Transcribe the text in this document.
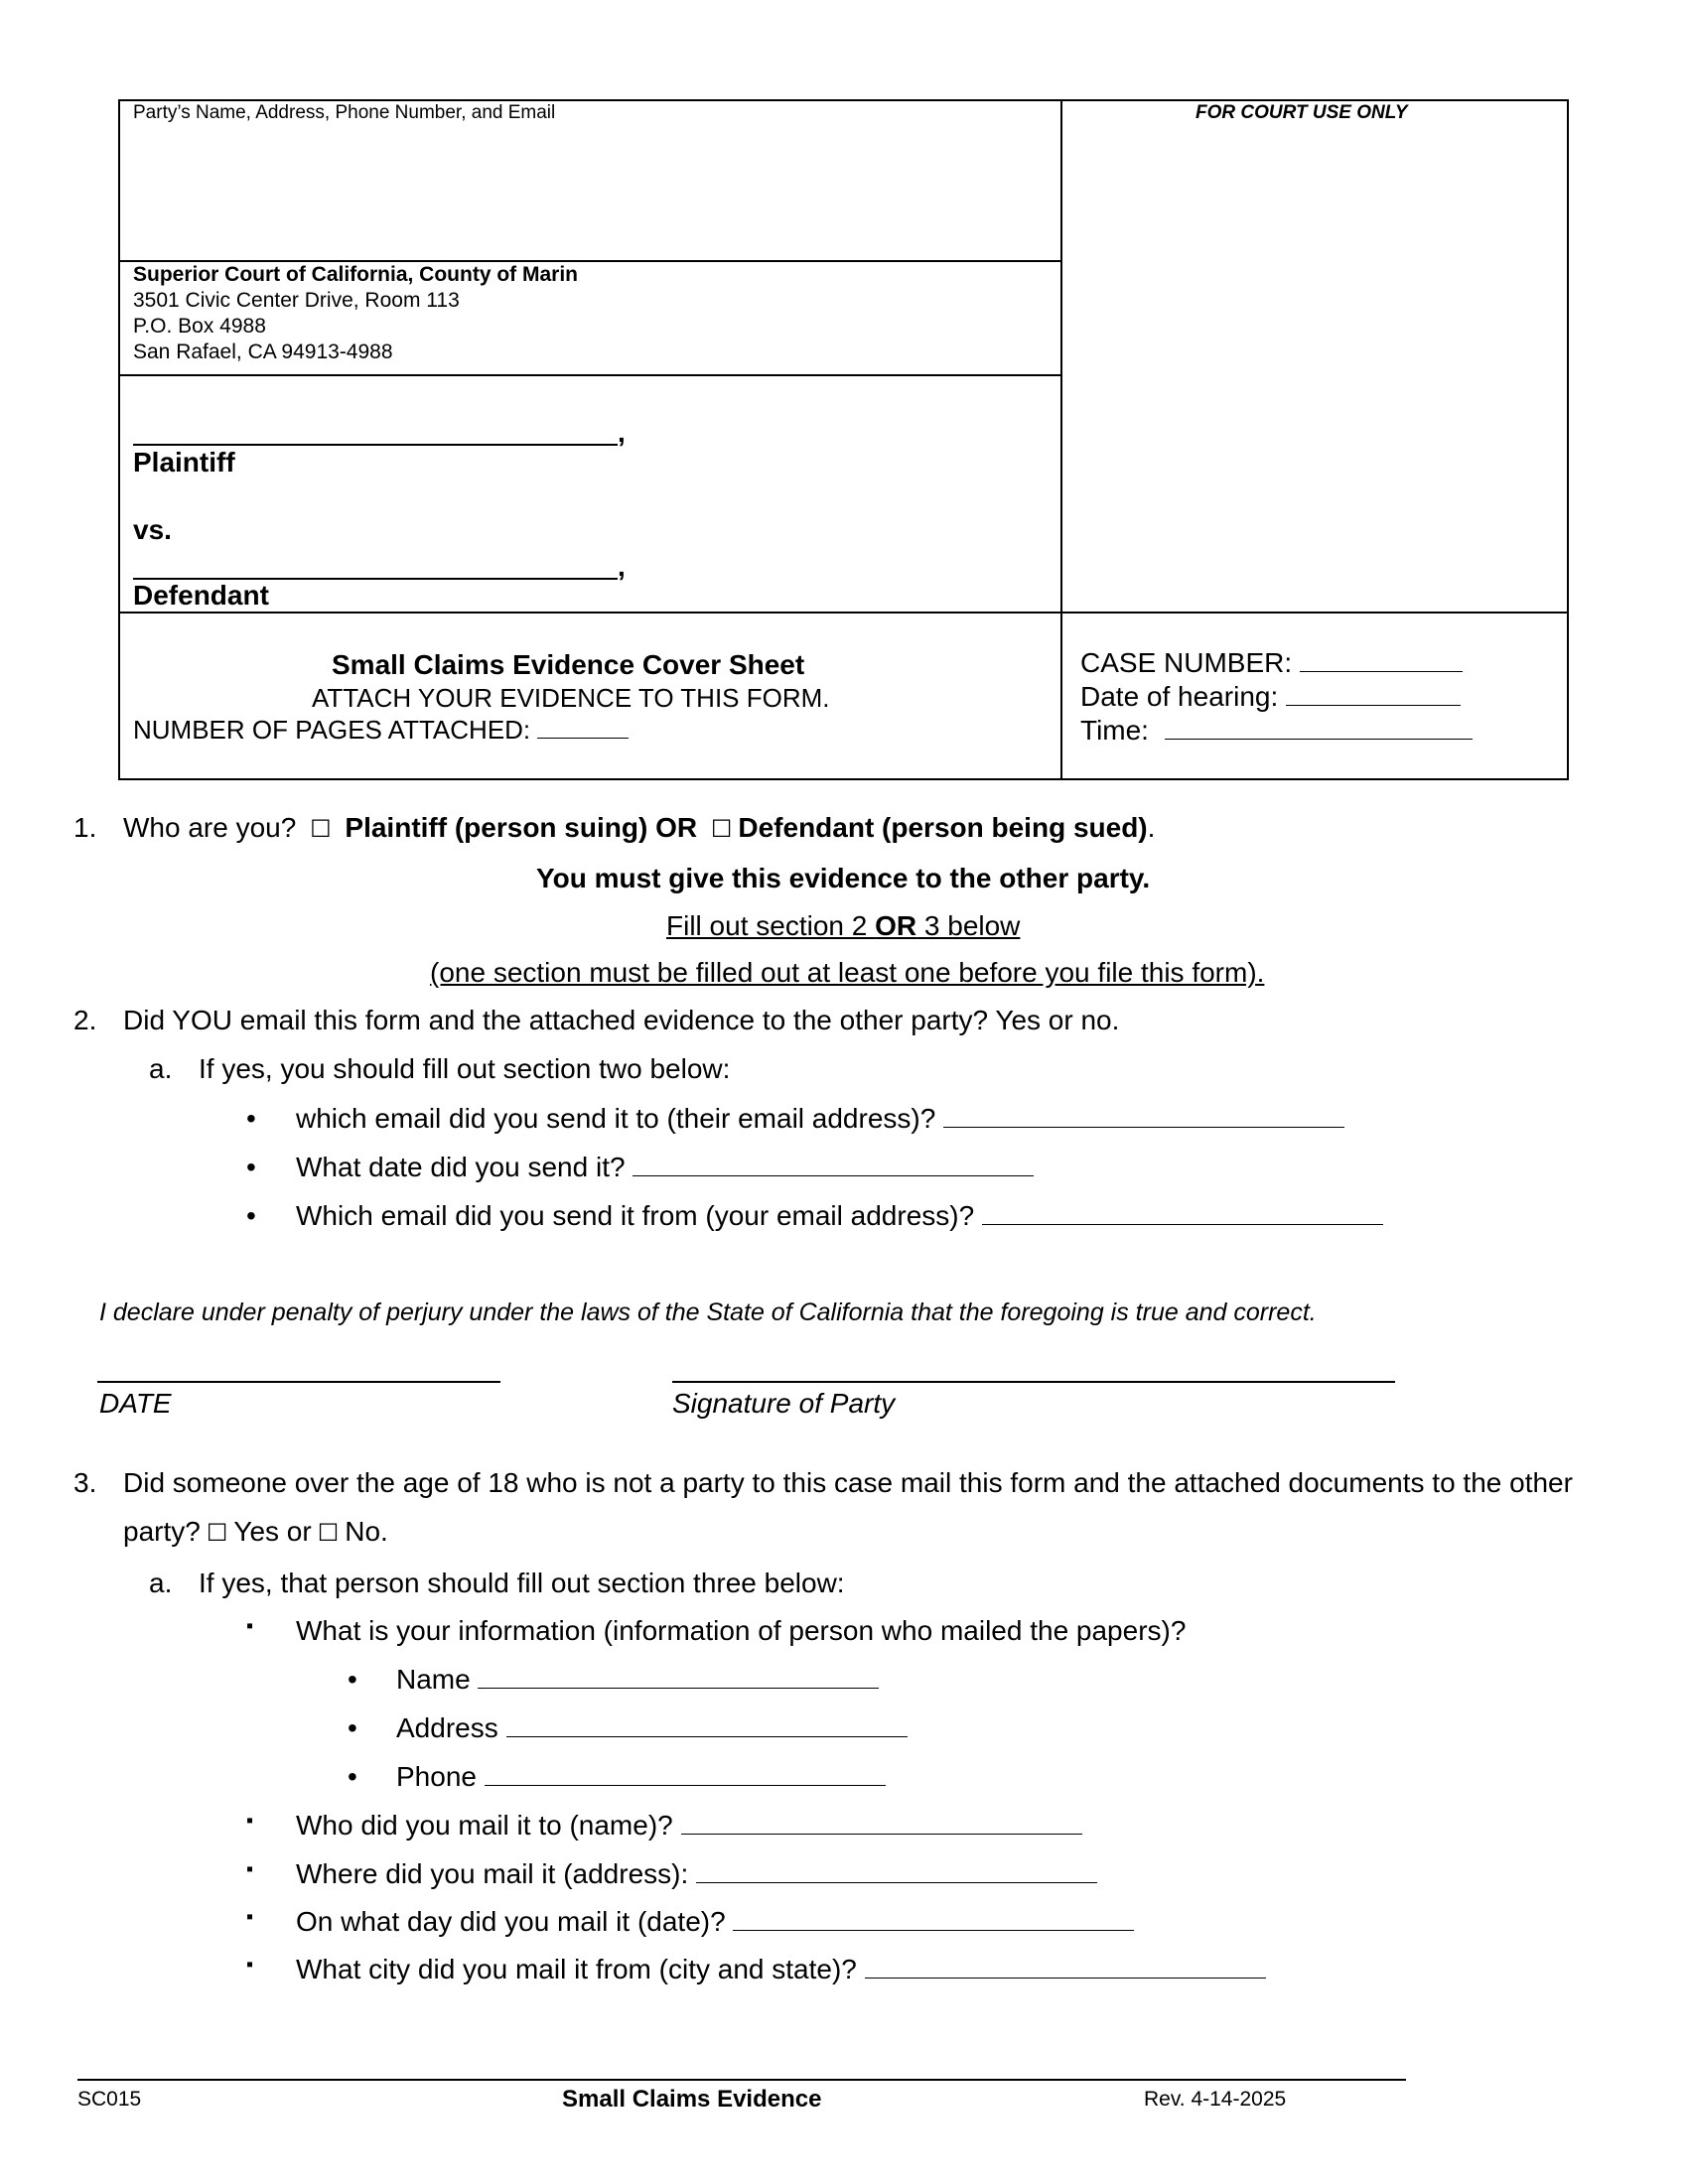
Party’s Name, Address, Phone Number, and Email	FOR COURT USE ONLY
Superior Court of California, County of Marin
3501 Civic Center Drive, Room 113
P.O. Box 4988
San Rafael, CA 94913-4988
,
Plaintiff
vs.
,
Defendant
Small Claims Evidence Cover Sheet
ATTACH YOUR EVIDENCE TO THIS FORM.
NUMBER OF PAGES ATTACHED:
CASE NUMBER:
Date of hearing:
Time:
1. Who are you? ☐ Plaintiff (person suing) OR ☐ Defendant (person being sued).
You must give this evidence to the other party.
Fill out section 2 OR 3 below
(one section must be filled out at least one before you file this form).
2. Did YOU email this form and the attached evidence to the other party? Yes or no.
a. If yes, you should fill out section two below:
• which email did you send it to (their email address)?
• What date did you send it?
• Which email did you send it from (your email address)?
I declare under penalty of perjury under the laws of the State of California that the foregoing is true and correct.
DATE	Signature of Party
3. Did someone over the age of 18 who is not a party to this case mail this form and the attached documents to the other
party? ☐ Yes or ☐ No.
a. If yes, that person should fill out section three below:
▪ What is your information (information of person who mailed the papers)?
• Name
• Address
• Phone
▪ Who did you mail it to (name)?
▪ Where did you mail it (address):
▪ On what day did you mail it (date)?
▪ What city did you mail it from (city and state)?
SC015	Small Claims Evidence	Rev. 4-14-2025
